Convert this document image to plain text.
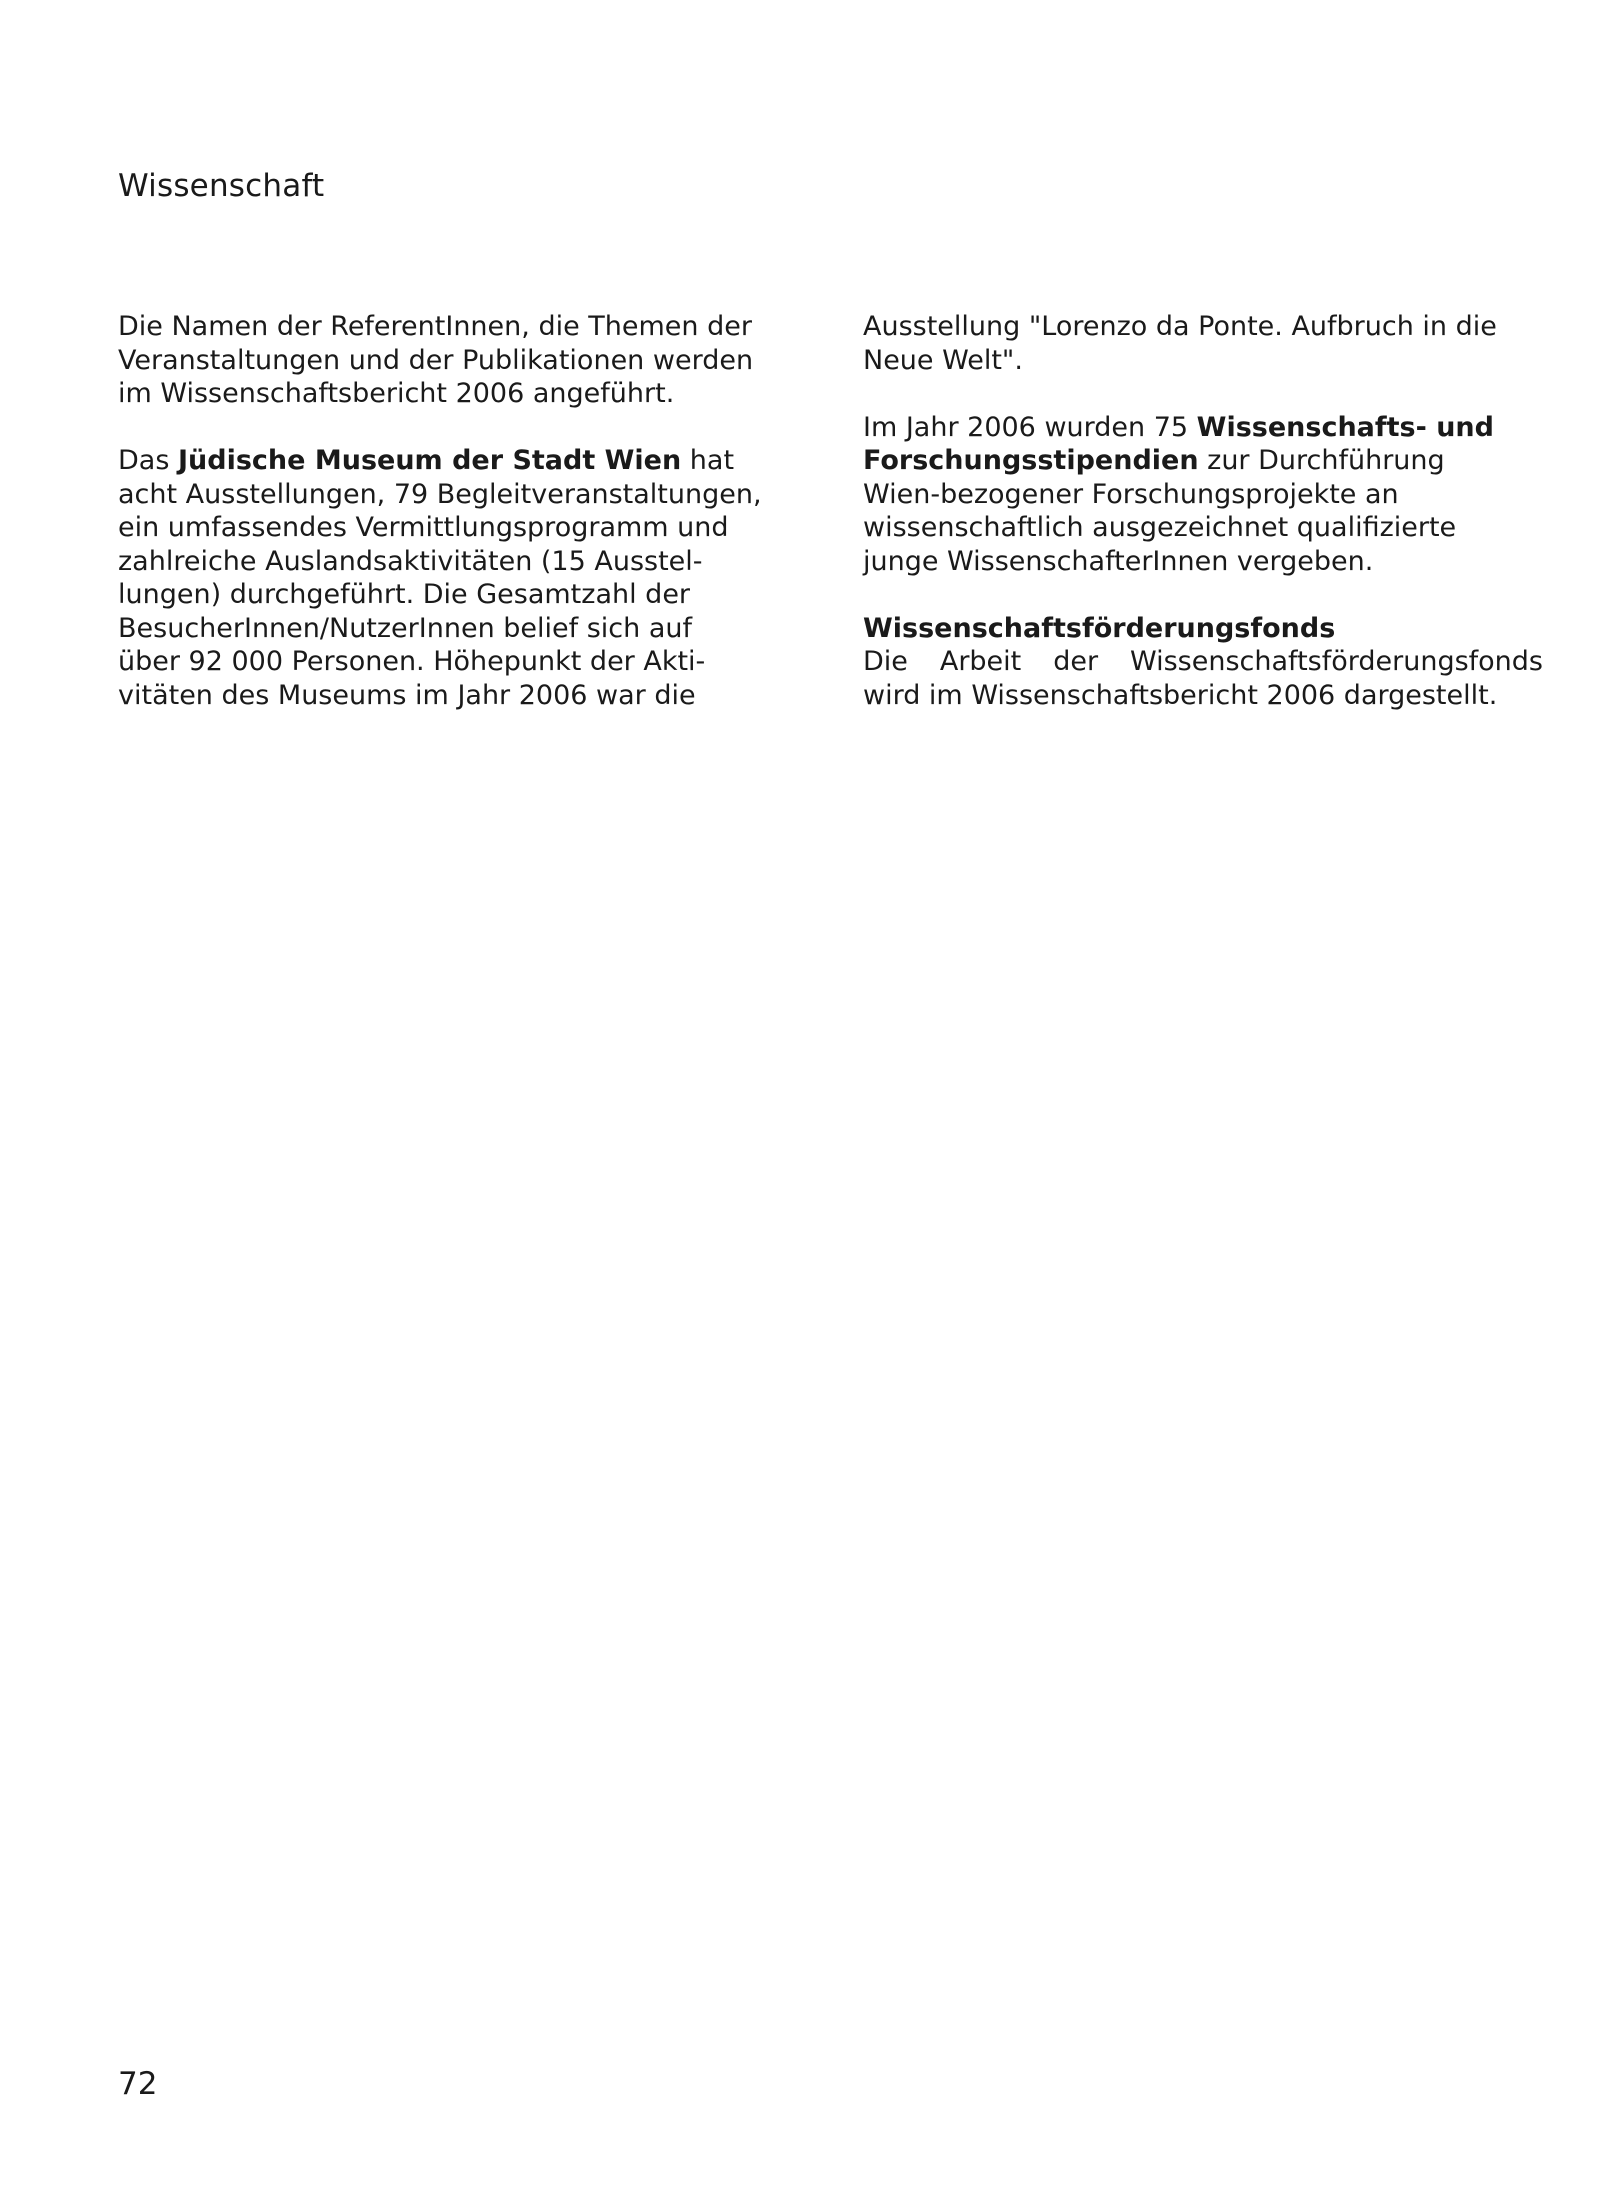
Wissenschaft

Die Namen der ReferentInnen, die Themen der
Veranstaltungen und der Publikationen werden
im Wissenschaftsbericht 2006 angeführt.

Das Jüdische Museum der Stadt Wien hat
acht Ausstellungen, 79 Begleitveranstaltungen,
ein umfassendes Vermittlungsprogramm und
zahlreiche Auslandsaktivitäten (15 Ausstel-
lungen) durchgeführt. Die Gesamtzahl der
BesucherInnen/NutzerInnen belief sich auf
über 92 000 Personen. Höhepunkt der Akti-
vitäten des Museums im Jahr 2006 war die

Ausstellung "Lorenzo da Ponte. Aufbruch in die
Neue Welt".

Im Jahr 2006 wurden 75 Wissenschafts- und
Forschungsstipendien zur Durchführung
Wien-bezogener Forschungsprojekte an
wissenschaftlich ausgezeichnet qualifizierte
junge WissenschafterInnen vergeben.

Wissenschaftsförderungsfonds
Die Arbeit der Wissenschaftsförderungsfonds
wird im Wissenschaftsbericht 2006 dargestellt.

72
